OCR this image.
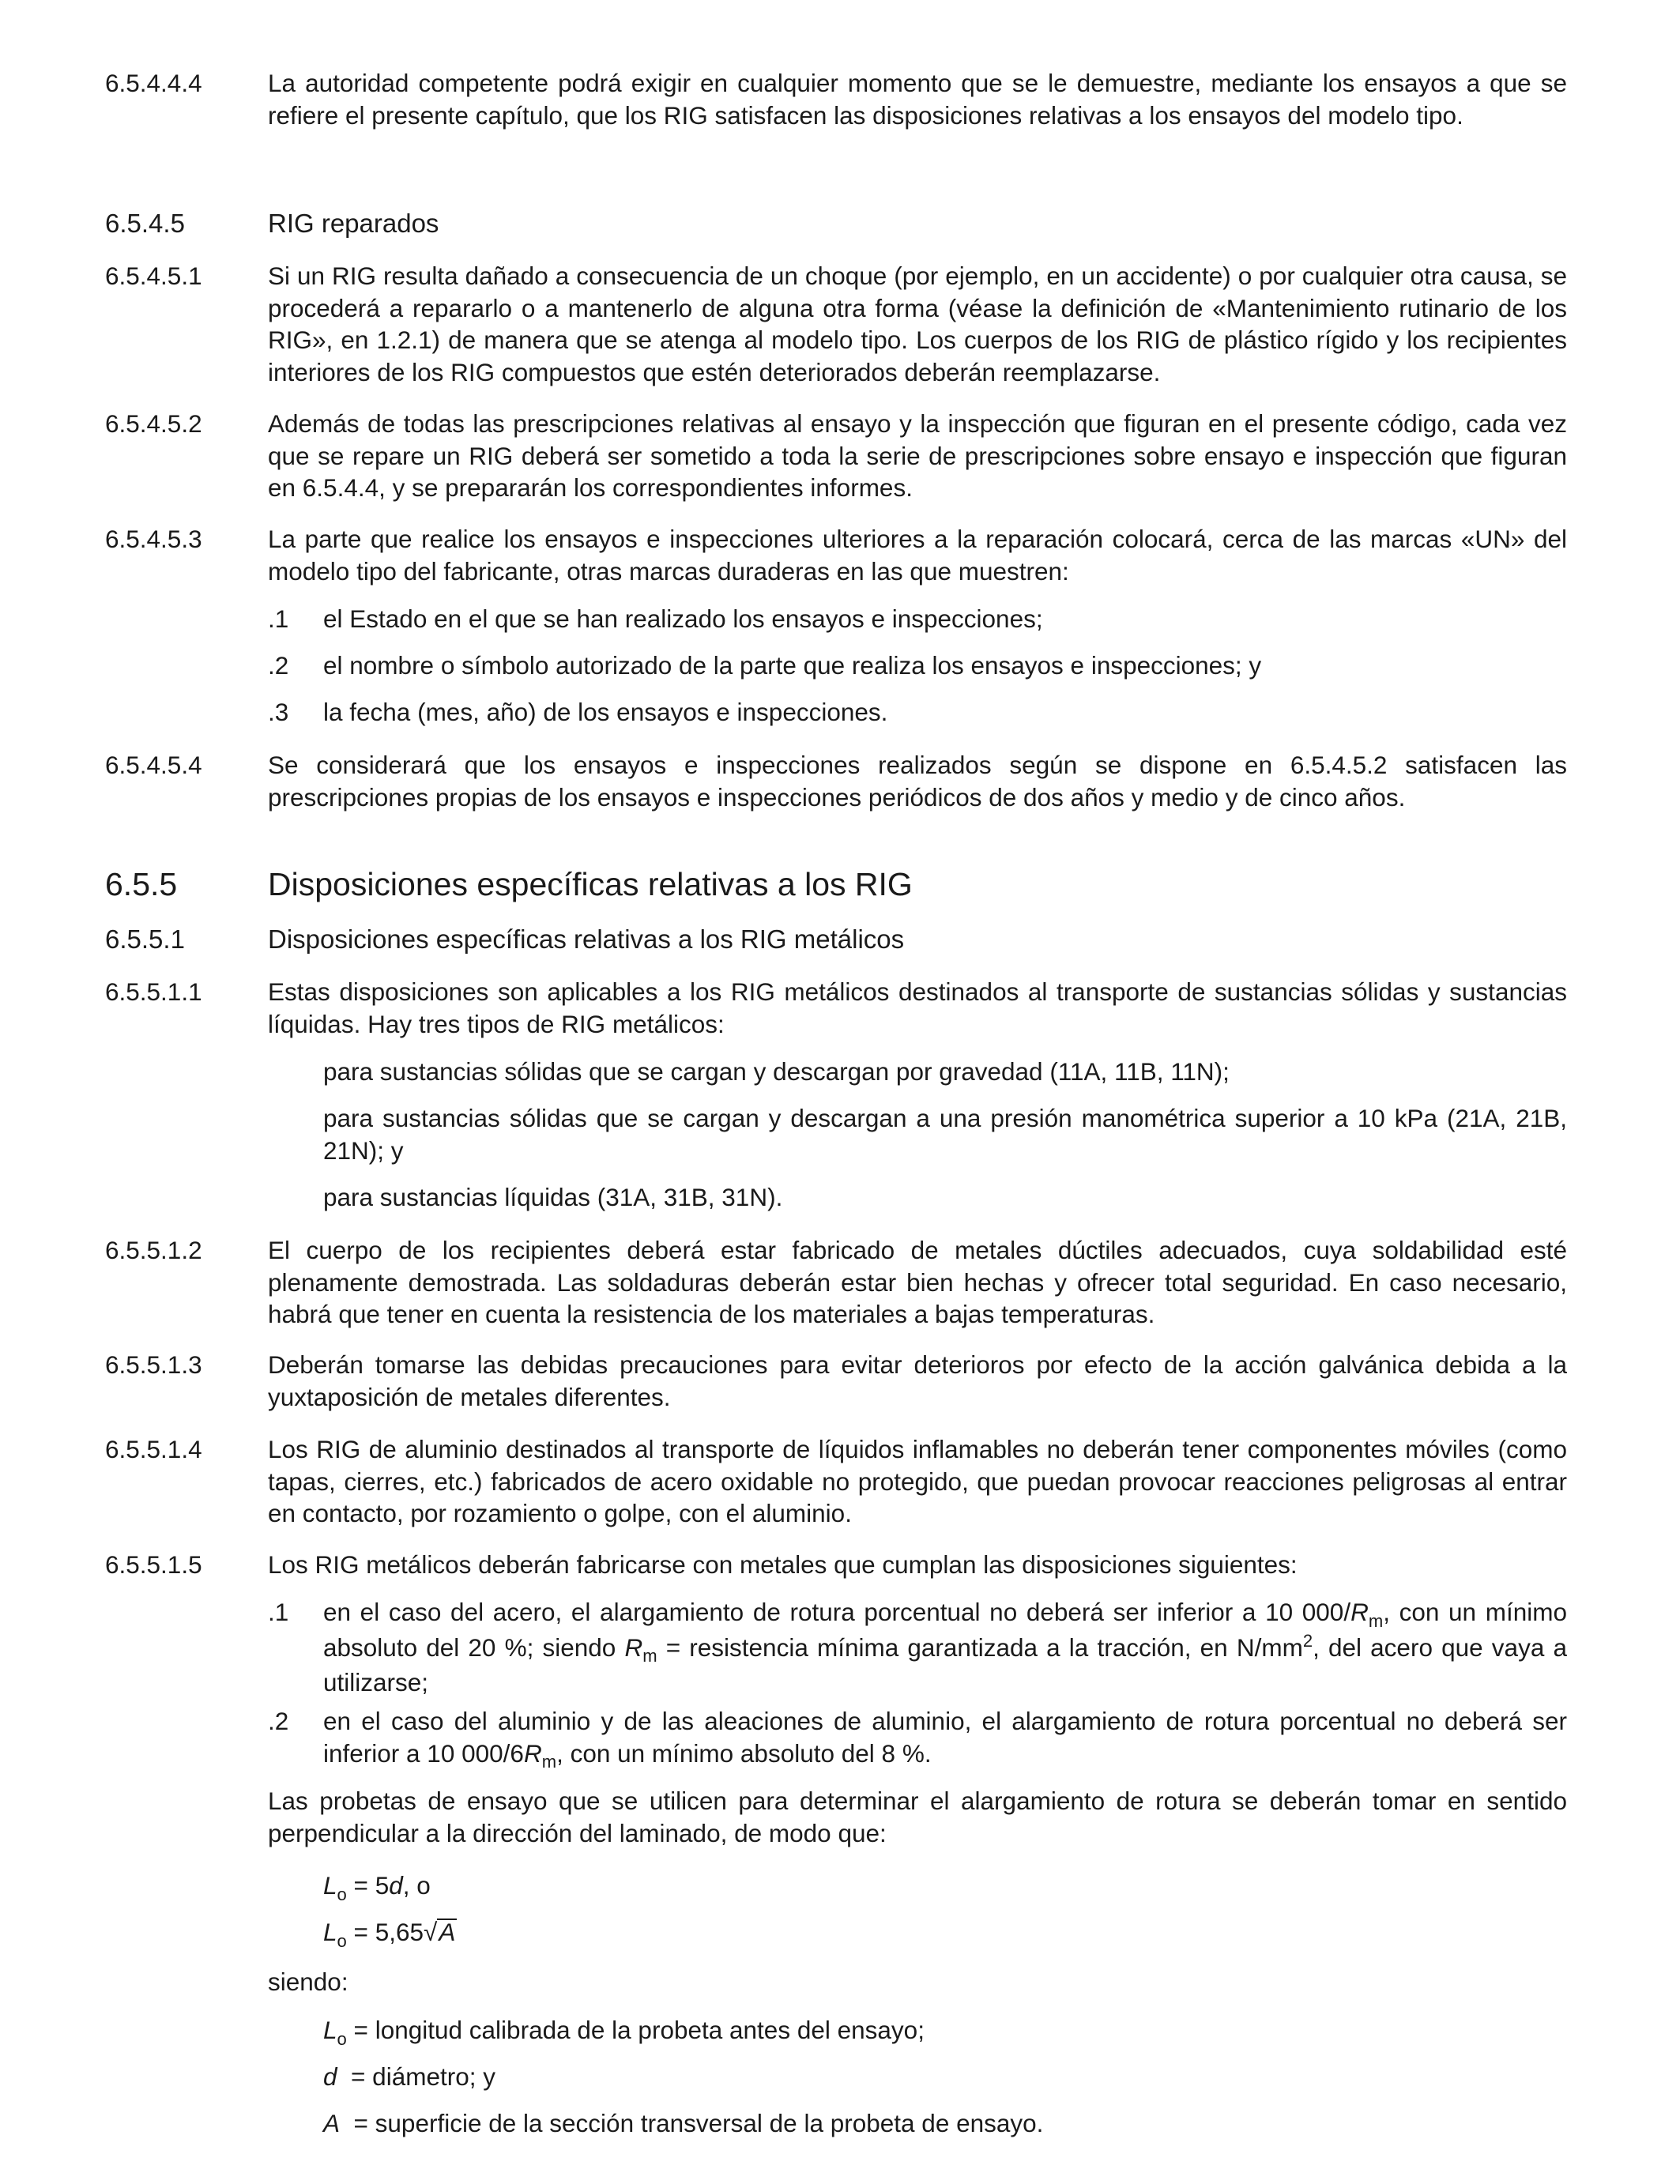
6.5.4.4.4	La autoridad competente podrá exigir en cualquier momento que se le demuestre, mediante los ensayos a que se refiere el presente capítulo, que los RIG satisfacen las disposiciones relativas a los ensayos del modelo tipo.
6.5.4.5	RIG reparados
6.5.4.5.1	Si un RIG resulta dañado a consecuencia de un choque (por ejemplo, en un accidente) o por cualquier otra causa, se procederá a repararlo o a mantenerlo de alguna otra forma (véase la definición de «Mantenimiento rutinario de los RIG», en 1.2.1) de manera que se atenga al modelo tipo. Los cuerpos de los RIG de plástico rígido y los recipientes interiores de los RIG compuestos que estén deteriorados deberán reemplazarse.
6.5.4.5.2	Además de todas las prescripciones relativas al ensayo y la inspección que figuran en el presente código, cada vez que se repare un RIG deberá ser sometido a toda la serie de prescripciones sobre ensayo e inspección que figuran en 6.5.4.4, y se prepararán los correspondientes informes.
6.5.4.5.3	La parte que realice los ensayos e inspecciones ulteriores a la reparación colocará, cerca de las marcas «UN» del modelo tipo del fabricante, otras marcas duraderas en las que muestren:
.1	el Estado en el que se han realizado los ensayos e inspecciones;
.2	el nombre o símbolo autorizado de la parte que realiza los ensayos e inspecciones; y
.3	la fecha (mes, año) de los ensayos e inspecciones.
6.5.4.5.4	Se considerará que los ensayos e inspecciones realizados según se dispone en 6.5.4.5.2 satisfacen las prescripciones propias de los ensayos e inspecciones periódicos de dos años y medio y de cinco años.
6.5.5	Disposiciones específicas relativas a los RIG
6.5.5.1	Disposiciones específicas relativas a los RIG metálicos
6.5.5.1.1	Estas disposiciones son aplicables a los RIG metálicos destinados al transporte de sustancias sólidas y sustancias líquidas. Hay tres tipos de RIG metálicos:
para sustancias sólidas que se cargan y descargan por gravedad (11A, 11B, 11N);
para sustancias sólidas que se cargan y descargan a una presión manométrica superior a 10 kPa (21A, 21B, 21N); y
para sustancias líquidas (31A, 31B, 31N).
6.5.5.1.2	El cuerpo de los recipientes deberá estar fabricado de metales dúctiles adecuados, cuya soldabilidad esté plenamente demostrada. Las soldaduras deberán estar bien hechas y ofrecer total seguridad. En caso necesario, habrá que tener en cuenta la resistencia de los materiales a bajas temperaturas.
6.5.5.1.3	Deberán tomarse las debidas precauciones para evitar deterioros por efecto de la acción galvánica debida a la yuxtaposición de metales diferentes.
6.5.5.1.4	Los RIG de aluminio destinados al transporte de líquidos inflamables no deberán tener componentes móviles (como tapas, cierres, etc.) fabricados de acero oxidable no protegido, que puedan provocar reacciones peligrosas al entrar en contacto, por rozamiento o golpe, con el aluminio.
6.5.5.1.5	Los RIG metálicos deberán fabricarse con metales que cumplan las disposiciones siguientes:
.1	en el caso del acero, el alargamiento de rotura porcentual no deberá ser inferior a 10 $000/R_m$, con un mínimo absoluto del 20 %; siendo $R_m$ = resistencia mínima garantizada a la tracción, en $N/mm^2$, del acero que vaya a utilizarse;
.2	en el caso del aluminio y de las aleaciones de aluminio, el alargamiento de rotura porcentual no deberá ser inferior a 10 $000/6R_m$, con un mínimo absoluto del 8 %.
Las probetas de ensayo que se utilicen para determinar el alargamiento de rotura se deberán tomar en sentido perpendicular a la dirección del laminado, de modo que:
$L_o = 5d$, o
$L_o = 5,65√A$
siendo:
$L_o$ = longitud calibrada de la probeta antes del ensayo;
d  = diámetro; y
A  = superficie de la sección transversal de la probeta de ensayo.
